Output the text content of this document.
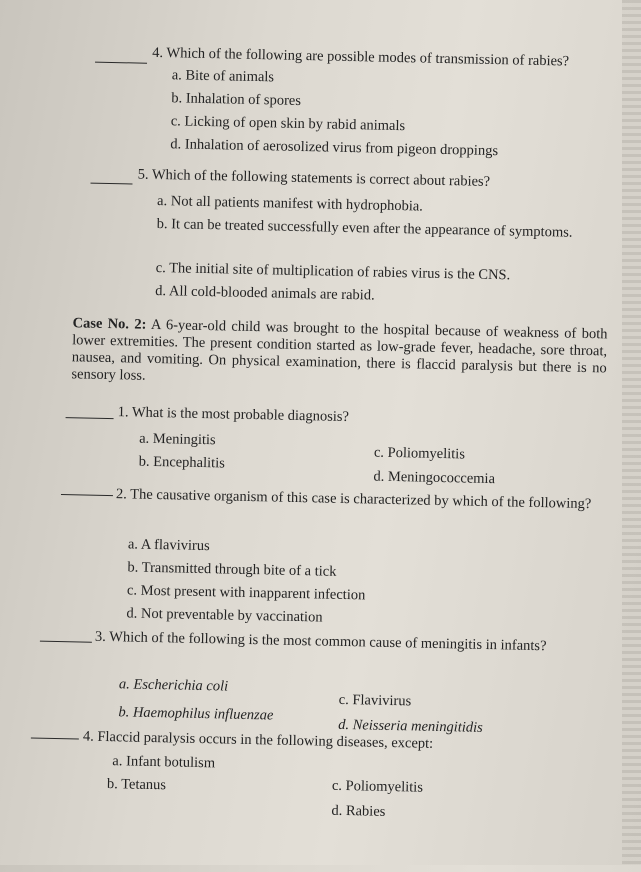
4. Which of the following are possible modes of transmission of rabies?
a. Bite of animals
b. Inhalation of spores
c. Licking of open skin by rabid animals
d. Inhalation of aerosolized virus from pigeon droppings
5. Which of the following statements is correct about rabies?
a. Not all patients manifest with hydrophobia.
b. It can be treated successfully even after the appearance of symptoms.
c. The initial site of multiplication of rabies virus is the CNS.
d. All cold-blooded animals are rabid.
Case No. 2: A 6-year-old child was brought to the hospital because of weakness of both lower extremities. The present condition started as low-grade fever, headache, sore throat, nausea, and vomiting. On physical examination, there is flaccid paralysis but there is no sensory loss.
1. What is the most probable diagnosis?
a. Meningitis
c. Poliomyelitis
b. Encephalitis
d. Meningococcemia
2. The causative organism of this case is characterized by which of the following?
a. A flavivirus
b. Transmitted through bite of a tick
c. Most present with inapparent infection
d. Not preventable by vaccination
3. Which of the following is the most common cause of meningitis in infants?
a. Escherichia coli
c. Flavivirus
b. Haemophilus influenzae
d. Neisseria meningitidis
4. Flaccid paralysis occurs in the following diseases, except:
a. Infant botulism
b. Tetanus	c. Poliomyelitis
d. Rabies
